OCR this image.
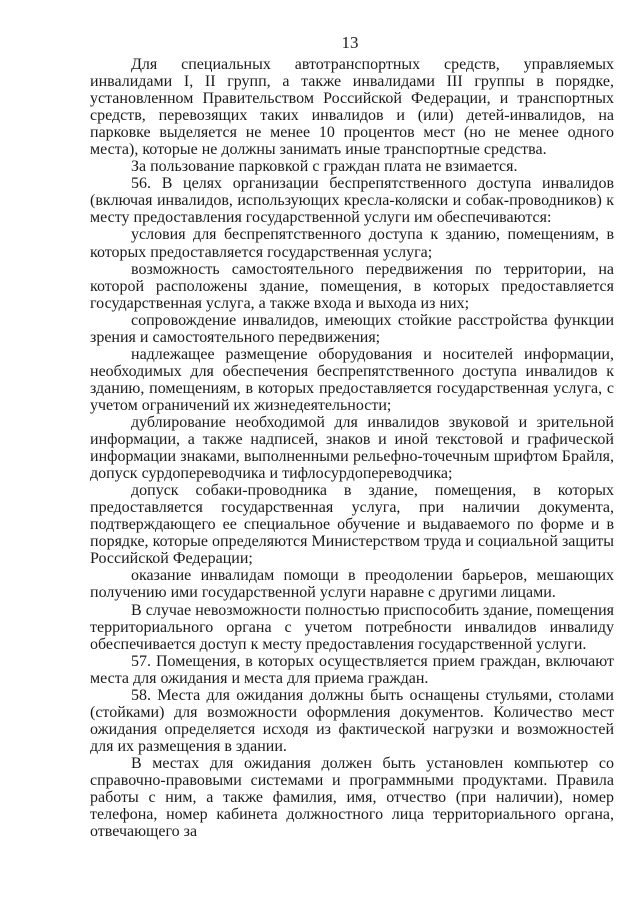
13

Для специальных автотранспортных средств, управляемых инвалидами I, II групп, а также инвалидами III группы в порядке, установленном Правительством Российской Федерации, и транспортных средств, перевозящих таких инвалидов и (или) детей-инвалидов, на парковке выделяется не менее 10 процентов мест (но не менее одного места), которые не должны занимать иные транспортные средства.

За пользование парковкой с граждан плата не взимается.

56. В целях организации беспрепятственного доступа инвалидов (включая инвалидов, использующих кресла-коляски и собак-проводников) к месту предоставления государственной услуги им обеспечиваются:

условия для беспрепятственного доступа к зданию, помещениям, в которых предоставляется государственная услуга;

возможность самостоятельного передвижения по территории, на которой расположены здание, помещения, в которых предоставляется государственная услуга, а также входа и выхода из них;

сопровождение инвалидов, имеющих стойкие расстройства функции зрения и самостоятельного передвижения;

надлежащее размещение оборудования и носителей информации, необходимых для обеспечения беспрепятственного доступа инвалидов к зданию, помещениям, в которых предоставляется государственная услуга, с учетом ограничений их жизнедеятельности;

дублирование необходимой для инвалидов звуковой и зрительной информации, а также надписей, знаков и иной текстовой и графической информации знаками, выполненными рельефно-точечным шрифтом Брайля, допуск сурдопереводчика и тифлосурдопереводчика;

допуск собаки-проводника в здание, помещения, в которых предоставляется государственная услуга, при наличии документа, подтверждающего ее специальное обучение и выдаваемого по форме и в порядке, которые определяются Министерством труда и социальной защиты Российской Федерации;

оказание инвалидам помощи в преодолении барьеров, мешающих получению ими государственной услуги наравне с другими лицами.

В случае невозможности полностью приспособить здание, помещения территориального органа с учетом потребности инвалидов инвалиду обеспечивается доступ к месту предоставления государственной услуги.

57. Помещения, в которых осуществляется прием граждан, включают места для ожидания и места для приема граждан.

58. Места для ожидания должны быть оснащены стульями, столами (стойками) для возможности оформления документов. Количество мест ожидания определяется исходя из фактической нагрузки и возможностей для их размещения в здании.

В местах для ожидания должен быть установлен компьютер со справочно-правовыми системами и программными продуктами. Правила работы с ним, а также фамилия, имя, отчество (при наличии), номер телефона, номер кабинета должностного лица территориального органа, отвечающего за
